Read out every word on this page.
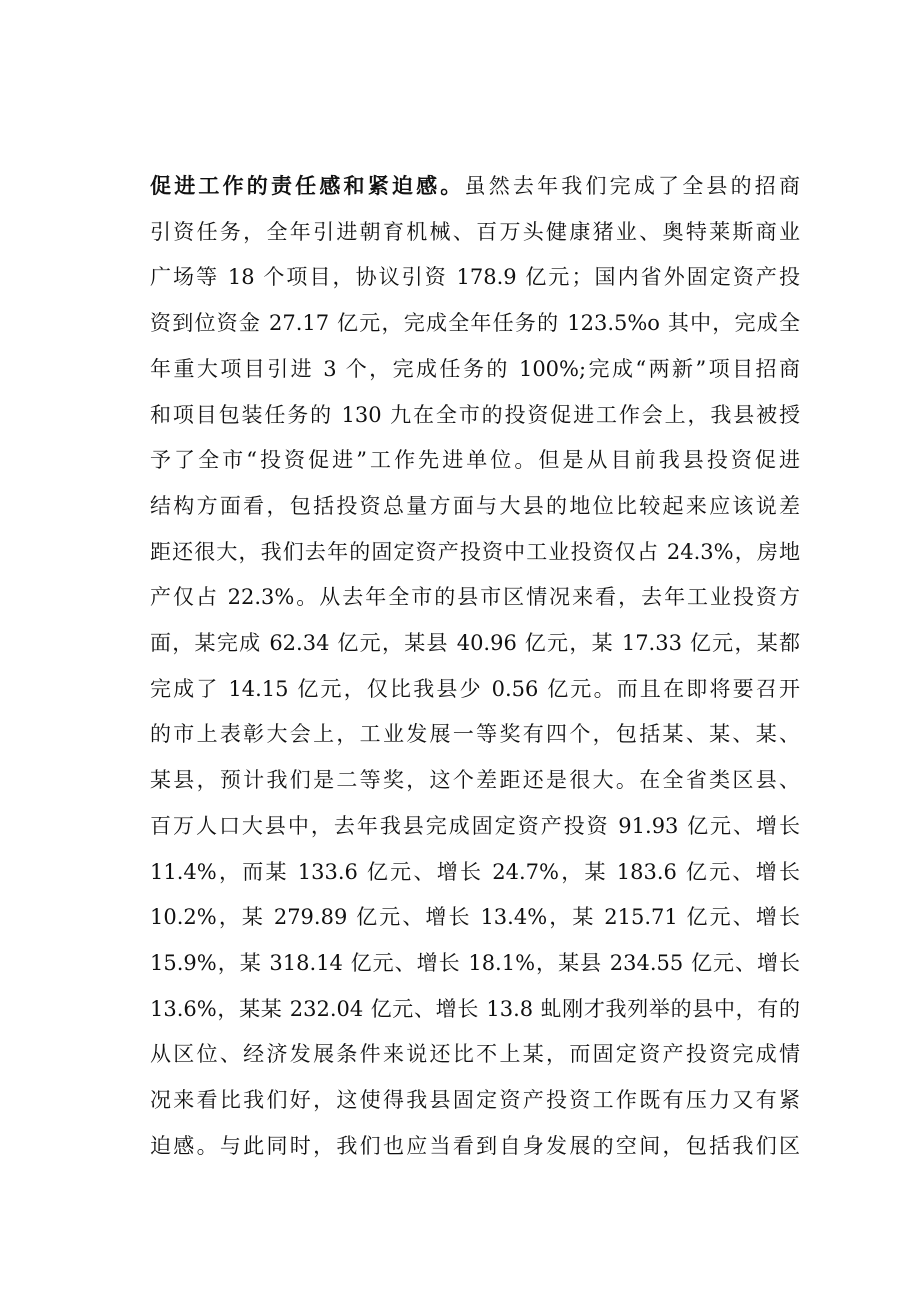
促进工作的责任感和紧迫感。虽然去年我们完成了全县的招商
引资任务，全年引进朝育机械、百万头健康猪业、奥特莱斯商业
广场等 18 个项目，协议引资 178.9 亿元；国内省外固定资产投
资到位资金 27.17 亿元，完成全年任务的 123.5%o 其中，完成全
年重大项目引进 3 个，完成任务的 100%;完成“两新”项目招商
和项目包装任务的 130 九在全市的投资促进工作会上，我县被授
予了全市“投资促进”工作先进单位。但是从目前我县投资促进
结构方面看，包括投资总量方面与大县的地位比较起来应该说差
距还很大，我们去年的固定资产投资中工业投资仅占 24.3%，房地
产仅占 22.3%。从去年全市的县市区情况来看，去年工业投资方
面，某完成 62.34 亿元，某县 40.96 亿元，某 17.33 亿元，某都
完成了 14.15 亿元，仅比我县少 0.56 亿元。而且在即将要召开
的市上表彰大会上，工业发展一等奖有四个，包括某、某、某、
某县，预计我们是二等奖，这个差距还是很大。在全省类区县、
百万人口大县中，去年我县完成固定资产投资 91.93 亿元、增长
11.4%，而某 133.6 亿元、增长 24.7%，某 183.6 亿元、增长
10.2%，某 279.89 亿元、增长 13.4%，某 215.71 亿元、增长
15.9%，某 318.14 亿元、增长 18.1%，某县 234.55 亿元、增长
13.6%，某某 232.04 亿元、增长 13.8 虬刚才我列举的县中，有的
从区位、经济发展条件来说还比不上某，而固定资产投资完成情
况来看比我们好，这使得我县固定资产投资工作既有压力又有紧
迫感。与此同时，我们也应当看到自身发展的空间，包括我们区
